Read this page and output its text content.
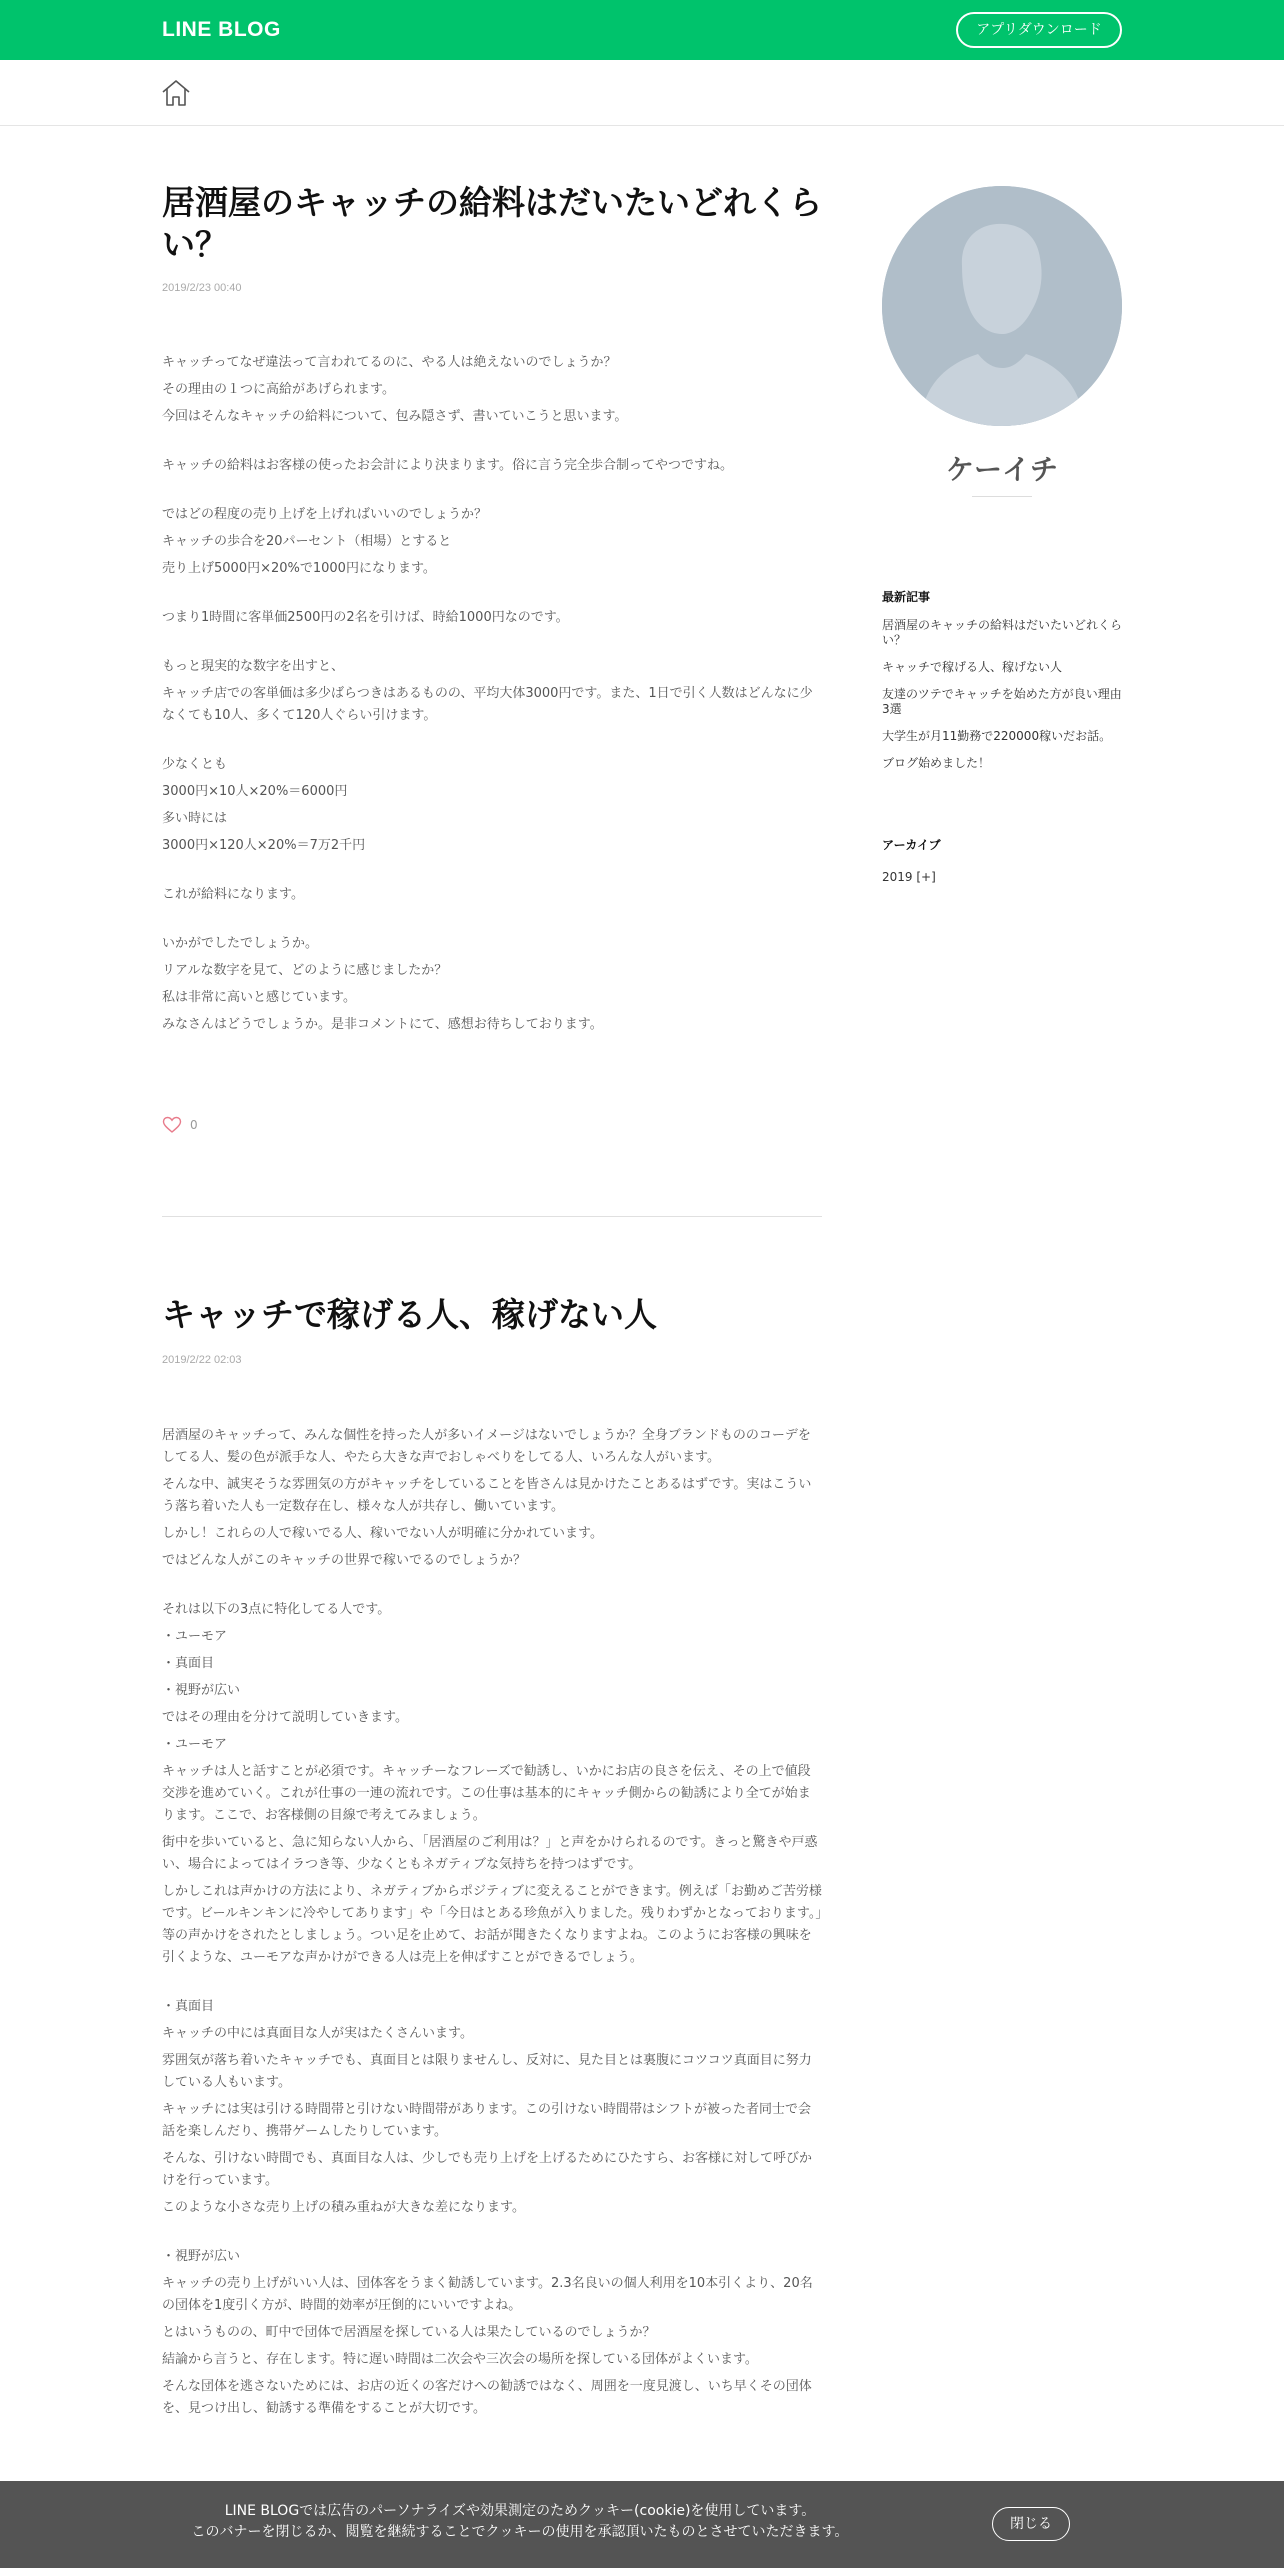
LINE BLOG	アプリダウンロード
居酒屋のキャッチの給料はだいたいどれくらい？
2019/2/23 00:40

キャッチってなぜ違法って言われてるのに、やる人は絶えないのでしょうか？

その理由の１つに高給があげられます。

今回はそんなキャッチの給料について、包み隠さず、書いていこうと思います。

キャッチの給料はお客様の使ったお会計により決まります。俗に言う完全歩合制ってやつですね。

ではどの程度の売り上げを上げればいいのでしょうか？

キャッチの歩合を20パーセント（相場）とすると

売り上げ5000円×20%で1000円になります。

つまり1時間に客単価2500円の2名を引けば、時給1000円なのです。

もっと現実的な数字を出すと、

キャッチ店での客単価は多少ばらつきはあるものの、平均大体3000円です。また、1日で引く人数はどんなに少なくても10人、多くて120人ぐらい引けます。

少なくとも

3000円×10人×20%＝6000円

多い時には

3000円×120人×20%＝7万2千円

これが給料になります。

いかがでしたでしょうか。

リアルな数字を見て、どのように感じましたか？

私は非常に高いと感じています。

みなさんはどうでしょうか。是非コメントにて、感想お待ちしております。

0
キャッチで稼げる人、稼げない人
2019/2/22 02:03

居酒屋のキャッチって、みんな個性を持った人が多いイメージはないでしょうか？全身ブランドもののコーデをしてる人、髪の色が派手な人、やたら大きな声でおしゃべりをしてる人、いろんな人がいます。

そんな中、誠実そうな雰囲気の方がキャッチをしていることを皆さんは見かけたことあるはずです。実はこういう落ち着いた人も一定数存在し、様々な人が共存し、働いています。

しかし！これらの人で稼いでる人、稼いでない人が明確に分かれています。

ではどんな人がこのキャッチの世界で稼いでるのでしょうか？

それは以下の3点に特化してる人です。

・ユーモア

・真面目

・視野が広い

ではその理由を分けて説明していきます。

・ユーモア

キャッチは人と話すことが必須です。キャッチーなフレーズで勧誘し、いかにお店の良さを伝え、その上で値段交渉を進めていく。これが仕事の一連の流れです。この仕事は基本的にキャッチ側からの勧誘により全てが始まります。ここで、お客様側の目線で考えてみましょう。

街中を歩いていると、急に知らない人から、「居酒屋のご利用は？」と声をかけられるのです。きっと驚きや戸惑い、場合によってはイラつき等、少なくともネガティブな気持ちを持つはずです。

しかしこれは声かけの方法により、ネガティブからポジティブに変えることができます。例えば「お勤めご苦労様です。ビールキンキンに冷やしてあります」や「今日はとある珍魚が入りました。残りわずかとなっております。」等の声かけをされたとしましょう。つい足を止めて、お話が聞きたくなりますよね。このようにお客様の興味を引くような、ユーモアな声かけができる人は売上を伸ばすことができるでしょう。

・真面目

キャッチの中には真面目な人が実はたくさんいます。

雰囲気が落ち着いたキャッチでも、真面目とは限りませんし、反対に、見た目とは裏腹にコツコツ真面目に努力している人もいます。

キャッチには実は引ける時間帯と引けない時間帯があります。この引けない時間帯はシフトが被った者同士で会話を楽しんだり、携帯ゲームしたりしています。

そんな、引けない時間でも、真面目な人は、少しでも売り上げを上げるためにひたすら、お客様に対して呼びかけを行っています。

このような小さな売り上げの積み重ねが大きな差になります。

・視野が広い

キャッチの売り上げがいい人は、団体客をうまく勧誘しています。2.3名良いの個人利用を10本引くより、20名の団体を1度引く方が、時間的効率が圧倒的にいいですよね。

とはいうものの、町中で団体で居酒屋を探している人は果たしているのでしょうか？

結論から言うと、存在します。特に遅い時間は二次会や三次会の場所を探している団体がよくいます。

そんな団体を逃さないためには、お店の近くの客だけへの勧誘ではなく、周囲を一度見渡し、いち早くその団体を、見つけ出し、勧誘する準備をすることが大切です。

ケーイチ
最新記事
居酒屋のキャッチの給料はだいたいどれくらい？
キャッチで稼げる人、稼げない人
友達のツテでキャッチを始めた方が良い理由3選
大学生が月11勤務で220000稼いだお話。
ブログ始めました！
アーカイブ
2019 [+]
LINE BLOGでは広告のパーソナライズや効果測定のためクッキー(cookie)を使用しています。
このバナーを閉じるか、閲覧を継続することでクッキーの使用を承認頂いたものとさせていただきます。	閉じる
